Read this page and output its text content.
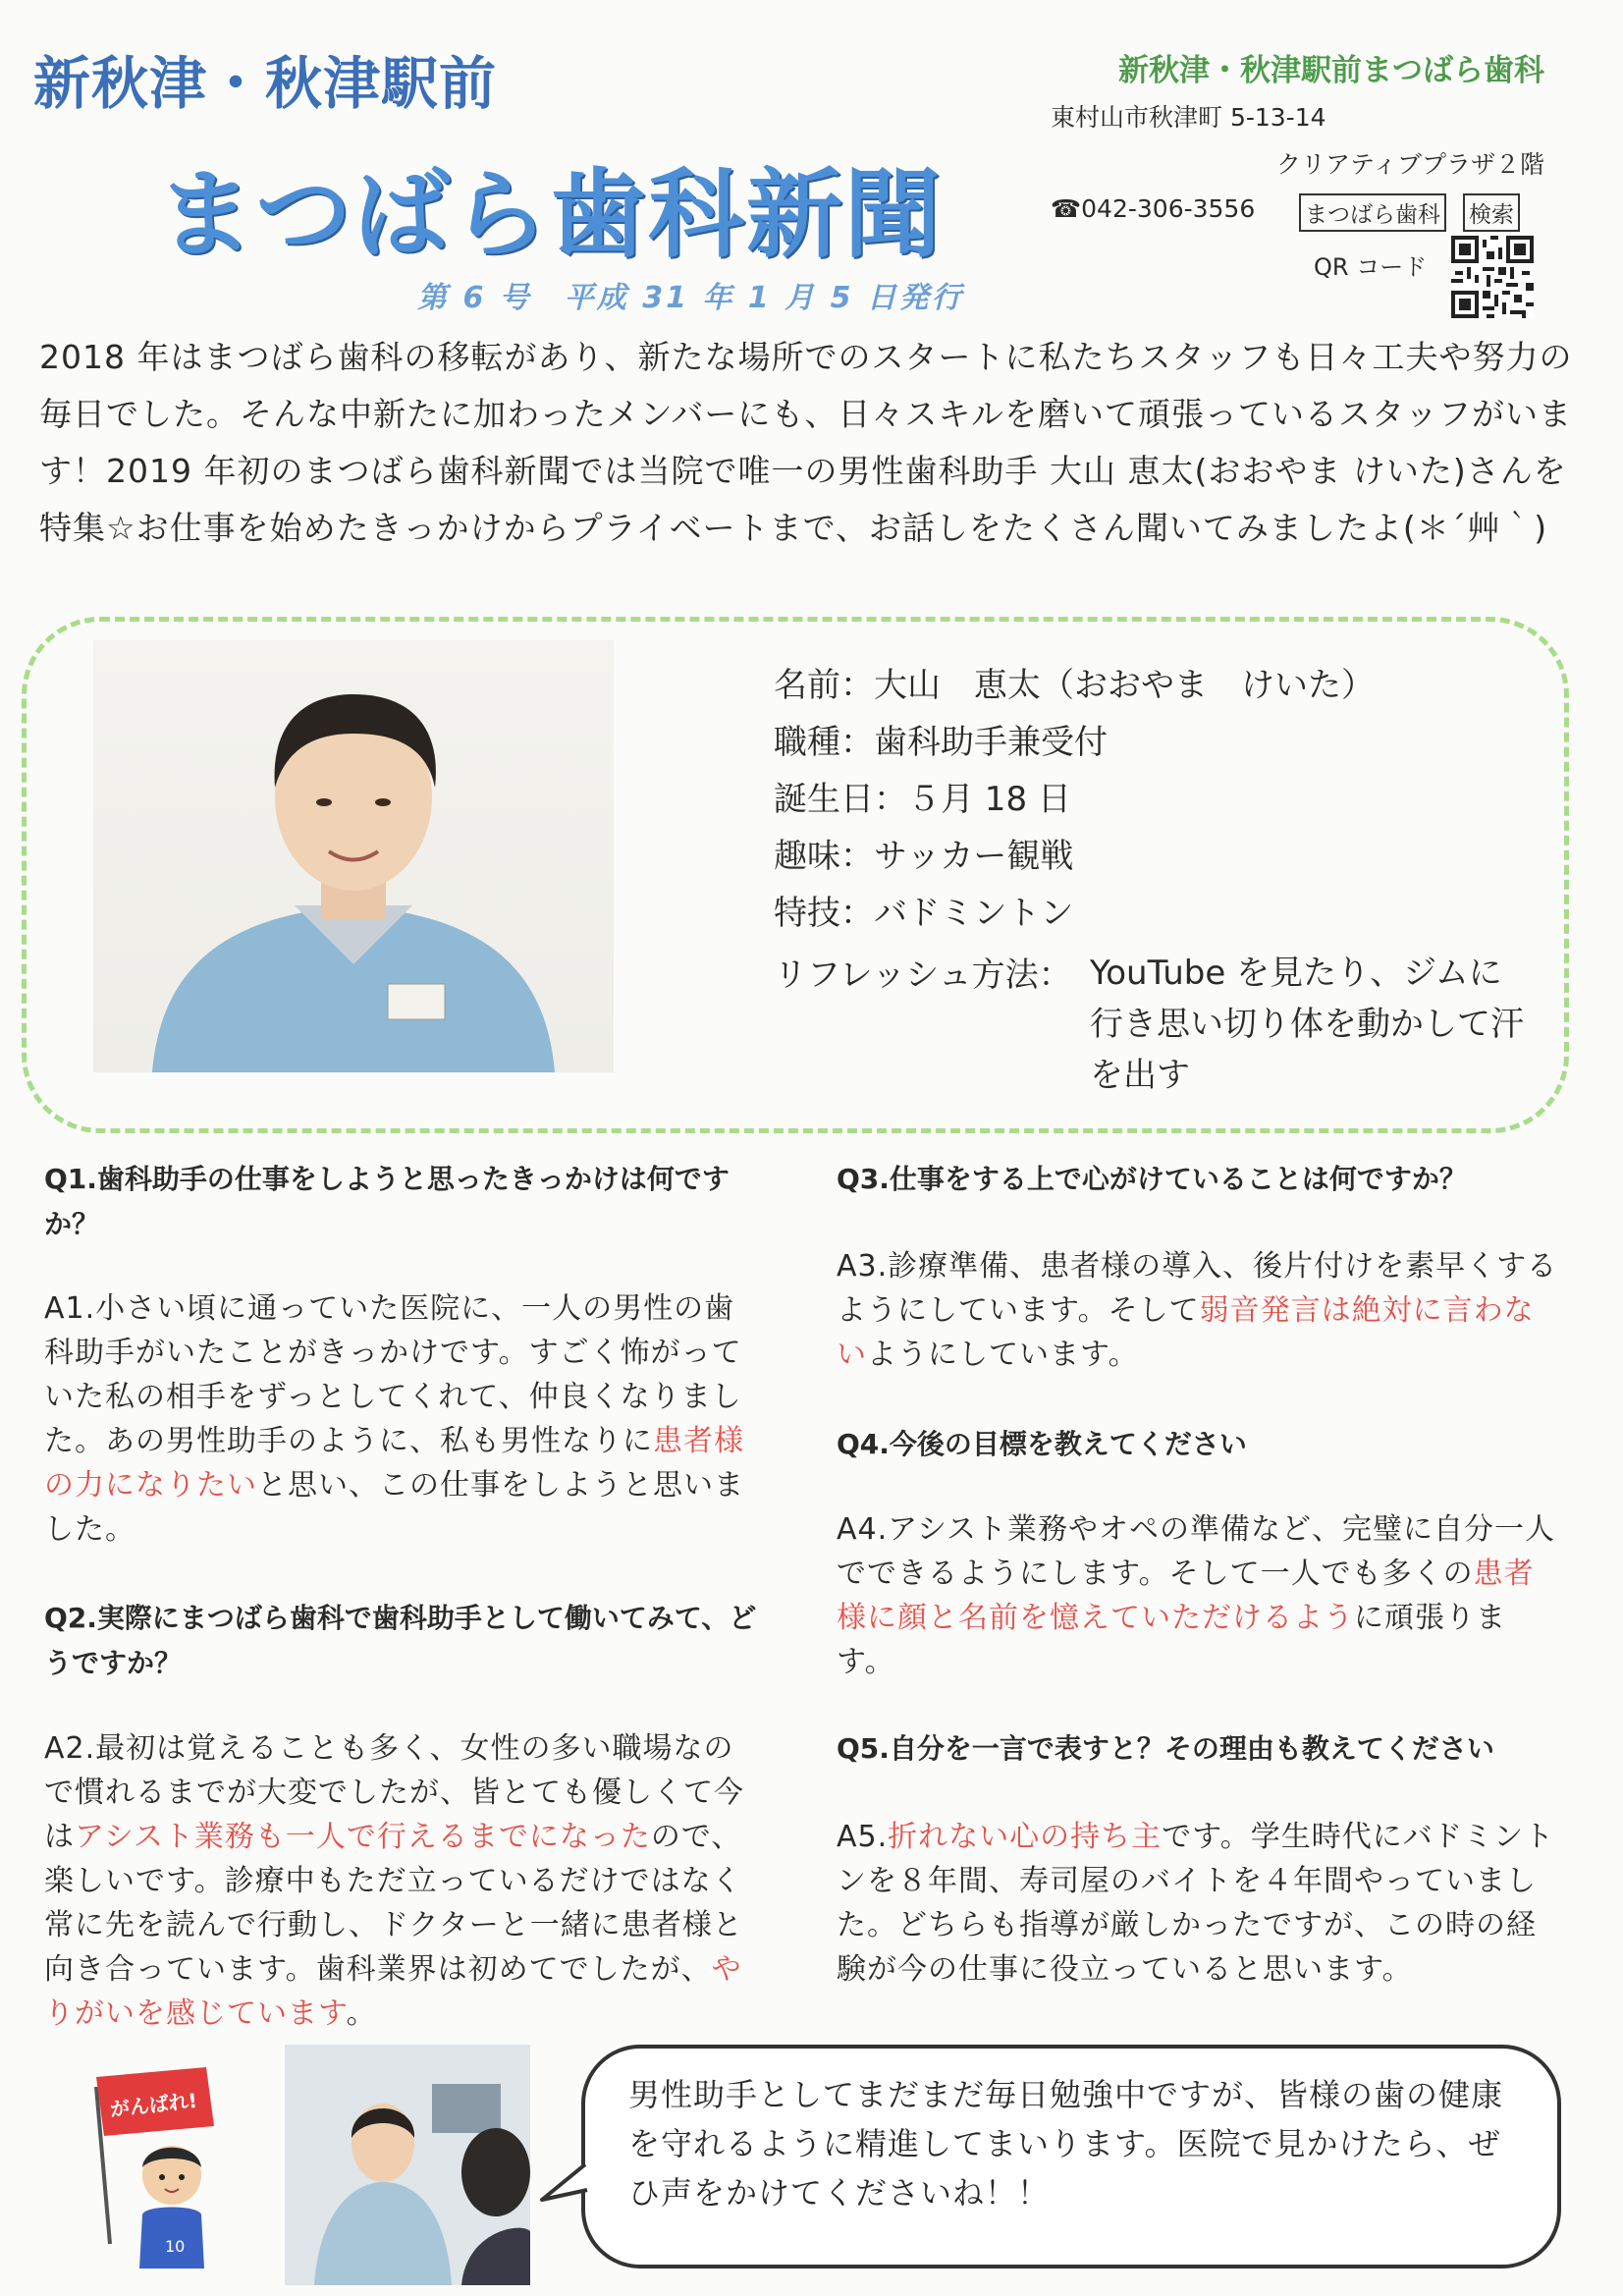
新秋津・秋津駅前
まつばら歯科新聞
第 6 号　平成 31 年 1 月 5 日発行
新秋津・秋津駅前まつばら歯科
東村山市秋津町 5-13-14
クリアティブプラザ２階
☎042-306-3556 まつばら歯科 検索
QR コード
2018 年はまつばら歯科の移転があり、新たな場所でのスタートに私たちスタッフも日々工夫や努力の毎日でした。そんな中新たに加わったメンバーにも、日々スキルを磨いて頑張っているスタッフがいます！2019 年初のまつばら歯科新聞では当院で唯一の男性歯科助手 大山 恵太(おおやま けいた)さんを特集☆お仕事を始めたきっかけからプライベートまで、お話しをたくさん聞いてみましたよ(＊´艸｀)
名前：大山　恵太（おおやま　けいた）
職種：歯科助手兼受付
誕生日：５月 18 日
趣味：サッカー観戦
特技：バドミントン
リフレッシュ方法： YouTube を見たり、ジムに行き思い切り体を動かして汗を出す
Q1.歯科助手の仕事をしようと思ったきっかけは何ですか？
A1.小さい頃に通っていた医院に、一人の男性の歯科助手がいたことがきっかけです。すごく怖がっていた私の相手をずっとしてくれて、仲良くなりました。あの男性助手のように、私も男性なりに患者様の力になりたいと思い、この仕事をしようと思いました。
Q2.実際にまつばら歯科で歯科助手として働いてみて、どうですか？
A2.最初は覚えることも多く、女性の多い職場なので慣れるまでが大変でしたが、皆とても優しくて今はアシスト業務も一人で行えるまでになったので、楽しいです。診療中もただ立っているだけではなく常に先を読んで行動し、ドクターと一緒に患者様と向き合っています。歯科業界は初めてでしたが、やりがいを感じています。
Q3.仕事をする上で心がけていることは何ですか？
A3.診療準備、患者様の導入、後片付けを素早くするようにしています。そして弱音発言は絶対に言わないようにしています。
Q4.今後の目標を教えてください
A4.アシスト業務やオペの準備など、完璧に自分一人でできるようにします。そして一人でも多くの患者様に顔と名前を憶えていただけるように頑張ります。
Q5.自分を一言で表すと？その理由も教えてください
A5.折れない心の持ち主です。学生時代にバドミントンを８年間、寿司屋のバイトを４年間やっていました。どちらも指導が厳しかったですが、この時の経験が今の仕事に役立っていると思います。
がんばれ!
10
男性助手としてまだまだ毎日勉強中ですが、皆様の歯の健康を守れるように精進してまいります。医院で見かけたら、ぜひ声をかけてくださいね！！
